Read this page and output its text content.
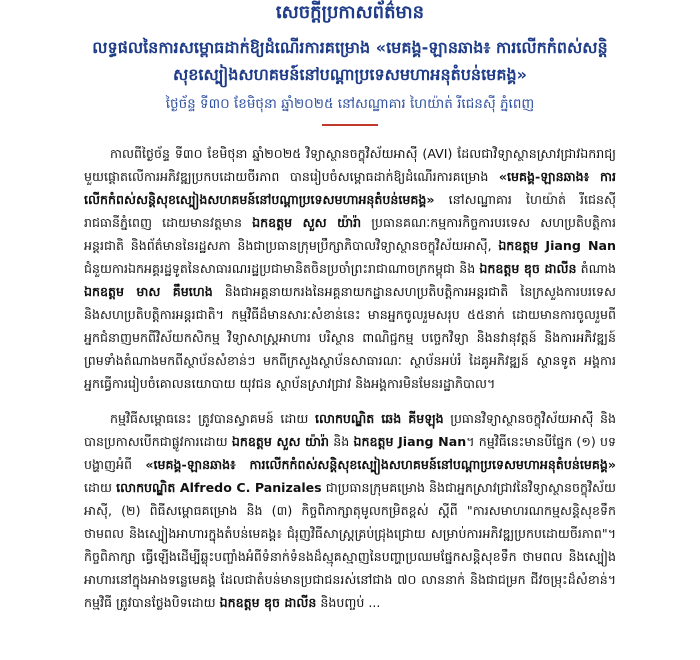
សេចក្តីប្រកាសព័ត៌មាន
លទ្ធផលនៃការសម្ពោធដាក់ឱ្យដំណើរការគម្រោង «មេគង្គ-ឡានឆាង៖ ការលើកកំពស់សន្តិសុខស្បៀងសហគមន៍នៅបណ្តាប្រទេសមហាអនុតំបន់មេគង្គ»

ថ្ងៃច័ន្ទ ទី៣០ ខែមិថុនា ឆ្នាំ២០២៥ នៅសណ្ឋាគារ ហៃយ៉ាត់ រីជេនស៊ី ភ្នំពេញ

កាលពីថ្ងៃច័ន្ទ ទី៣០ ខែមិថុនា ឆ្នាំ២០២៥ វិទ្យាស្ថានចក្ខុវិស័យអាស៊ី (AVI) ដែលជាវិទ្យាស្ថានស្រាវជ្រាវឯករាជ្យ មួយផ្តោតលើការអភិវឌ្ឍប្រកបដោយចីរភាព បានរៀបចំសម្ពោធដាក់ឱ្យដំណើរការគម្រោង «មេគង្គ-ឡានឆាង៖ ការលើកកំពស់សន្តិសុខស្បៀងសហគមន៍នៅបណ្តាប្រទេសមហាអនុតំបន់មេគង្គ» នៅសណ្ឋាគារ ហៃយ៉ាត់ រីជេនស៊ី រាជធានីភ្នំពេញ ដោយមានវត្តមាន ឯកឧត្តម សួស យ៉ារ៉ា ប្រធានគណៈកម្មការកិច្ចការបរទេស សហប្រតិបត្តិការអន្តរជាតិ និងព័ត៌មាននៃរដ្ឋសភា និងជាប្រធានក្រុមប្រឹក្សាភិបាលវិទ្យាស្ថានចក្ខុវិស័យអាស៊ី, ឯកឧត្តម Jiang Nan ជំនួយការឯកអគ្គរដ្ឋទូតនៃសាធារណរដ្ឋប្រជាមានិតចិនប្រចាំព្រះរាជាណាចក្រកម្ពុជា និង ឯកឧត្តម ឌុច ដាលីន តំណាង ឯកឧត្តម មាស គឹមហេង និងជាអគ្គនាយករងនៃអគ្គនាយកដ្ឋានសហប្រតិបត្តិការអន្តរជាតិ នៃក្រសួងការបរទេស និងសហប្រតិបត្តិការអន្តរជាតិ។ កម្មវិធីដ៏មានសារៈសំខាន់នេះ មានអ្នកចូលរួមសរុប ៥៥នាក់ ដោយមានការចូលរួមពីអ្នកជំនាញមកពីវិស័យកសិកម្ម វិទ្យាសាស្ត្រអាហារ បរិស្ថាន ពាណិជ្ជកម្ម បច្ចេកវិទ្យា និងនវានុវត្តន៍ និងការអភិវឌ្ឍន៍ ព្រមទាំងតំណាងមកពីស្ថាប័នសំខាន់ៗ មកពីក្រសួងស្ថាប័នសាធារណៈ ស្ថាប័នអប់រំ ដៃគូអភិវឌ្ឍន៍ ស្ថានទូត អង្គការ អ្នកធ្វើការរៀបចំគោលនយោបាយ យុវជន ស្ថាប័នស្រាវជ្រាវ និងអង្គការមិនមែនរដ្ឋាភិបាល។

កម្មវិធីសម្ពោធនេះ ត្រូវបានស្វាគមន៍ ដោយ លោកបណ្ឌិត ឆេង គីមឡុង ប្រធានវិទ្យាស្ថានចក្ខុវិស័យអាស៊ី និងបានប្រកាសបើកជាផ្លូវការដោយ ឯកឧត្តម សួស យ៉ារ៉ា និង ឯកឧត្តម Jiang Nan។ កម្មវិធីនេះមានបីផ្នែក (១) បទបង្ហាញអំពី «មេគង្គ-ឡានឆាង៖ ការលើកកំពស់សន្តិសុខស្បៀងសហគមន៍នៅបណ្តាប្រទេសមហាអនុតំបន់មេគង្គ» ដោយ លោកបណ្ឌិត Alfredo C. Panizales ជាប្រធានក្រុមគម្រោង និងជាអ្នកស្រាវជ្រាវនៃវិទ្យាស្ថានចក្ខុវិស័យអាស៊ី, (២) ពិធីសម្ពោធគម្រោង និង (៣) កិច្ចពិភាក្សាតុមូលកម្រិតខ្ពស់ ស្តីពី "ការសមាហរណកម្មសន្តិសុខទឹក ថាមពល និងស្បៀងអាហារក្នុងតំបន់មេគង្គ៖ ជំរុញវិធីសាស្ត្រគ្រប់ជ្រុងជ្រោយ សម្រាប់ការអភិវឌ្ឍប្រកបដោយចីរភាព"។ កិច្ចពិភាក្សា ធ្វើឡើងដើម្បីឆ្លុះបញ្ចាំងអំពីទំនាក់ទំនងដ៏ស្មុគស្មាញនៃបញ្ហាប្រឈមផ្នែកសន្តិសុខទឹក ថាមពល និងស្បៀងអាហារនៅក្នុងអាងទន្លេមេគង្គ ដែលជាតំបន់មានប្រជាជនរស់នៅជាង ៧០ លាននាក់ និងជាជម្រក ជីវចម្រុះដ៏សំខាន់។ កម្មវិធី ត្រូវបានថ្លែងបិទដោយ ឯកឧត្តម ឌុច ដាលីន និងបញ្ចប់ ...
